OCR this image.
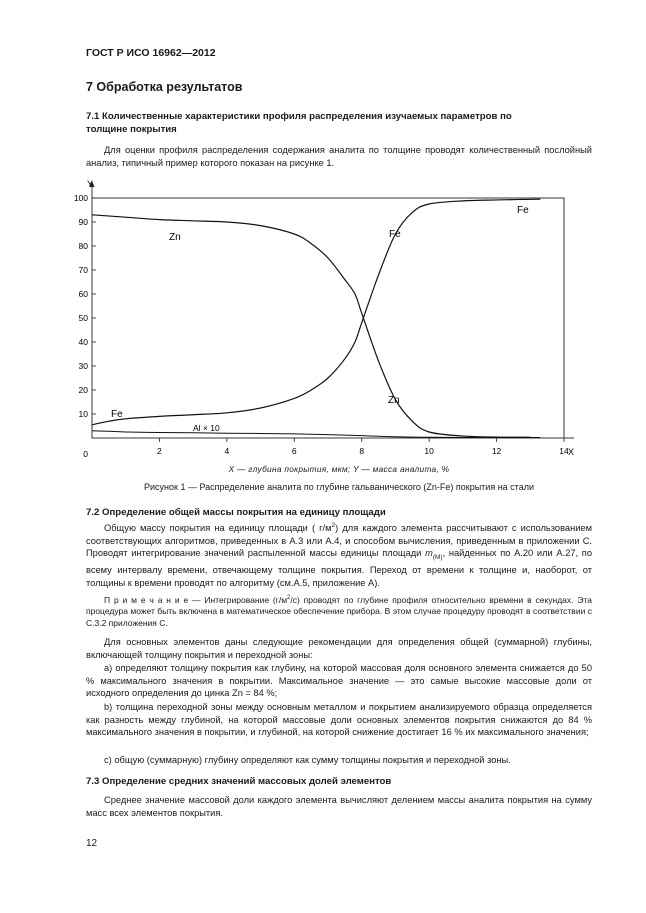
ГОСТ Р ИСО 16962—2012
7 Обработка результатов
7.1 Количественные характеристики профиля распределения изучаемых параметров по
толщине покрытия

Для оценки профиля распределения содержания аналита по толщине проводят количественный послойный анализ, типичный пример которого показан на рисунке 1.

10
20
30
40
50
60
70
80
90
100
0	2	4	6	8	10	12	14
Y
X
Zn	Fe
Zn
Fe
Al × 10
Fe
X — глубина покрытия, мкм; Y — масса аналита, %
Рисунок 1 — Распределение аналита по глубине гальванического (Zn-Fe) покрытия на стали
7.2 Определение общей массы покрытия на единицу площади

Общую массу покрытия на единицу площади ( $г/м^2$) для каждого элемента рассчитывают с использованием соответствующих алгоритмов, приведенных в А.3 или А.4, и способом вычисления, приведенным в приложении С. Проводят интегрирование значений распыленной массы единицы площади $m_{(M)}$, найденных по А.20 или А.27, по всему интервалу времени, отвечающему толщине покрытия. Переход от времени к толщине и, наоборот, от толщины к времени проводят по алгоритму (см.А.5, приложение А).

П р и м е ч а н и е — Интегрирование $(г/м^2/с)$ проводят по глубине профиля относительно времени в секундах. Эта процедура может быть включена в математическое обеспечение прибора. В этом случае процедуру проводят в соответствии с С.3.2 приложения С.

Для основных элементов даны следующие рекомендации для определения общей (суммарной) глубины, включающей толщину покрытия и переходной зоны:

а) определяют толщину покрытия как глубину, на которой массовая доля основного элемента снижается до 50 % максимального значения в покрытии. Максимальное значение — это самые высокие массовые доли от исходного определения до цинка Zn = 84 %;

b) толщина переходной зоны между основным металлом и покрытием анализируемого образца определяется как разность между глубиной, на которой массовые доли основных элементов покрытия снижаются до 84 % максимального значения в покрытии, и глубиной, на которой снижение достигает 16 % их максимального значения;

с) общую (суммарную) глубину определяют как сумму толщины покрытия и переходной зоны.

7.3 Определение средних значений массовых долей элементов

Среднее значение массовой доли каждого элемента вычисляют делением массы аналита покрытия на сумму масс всех элементов покрытия.

12
